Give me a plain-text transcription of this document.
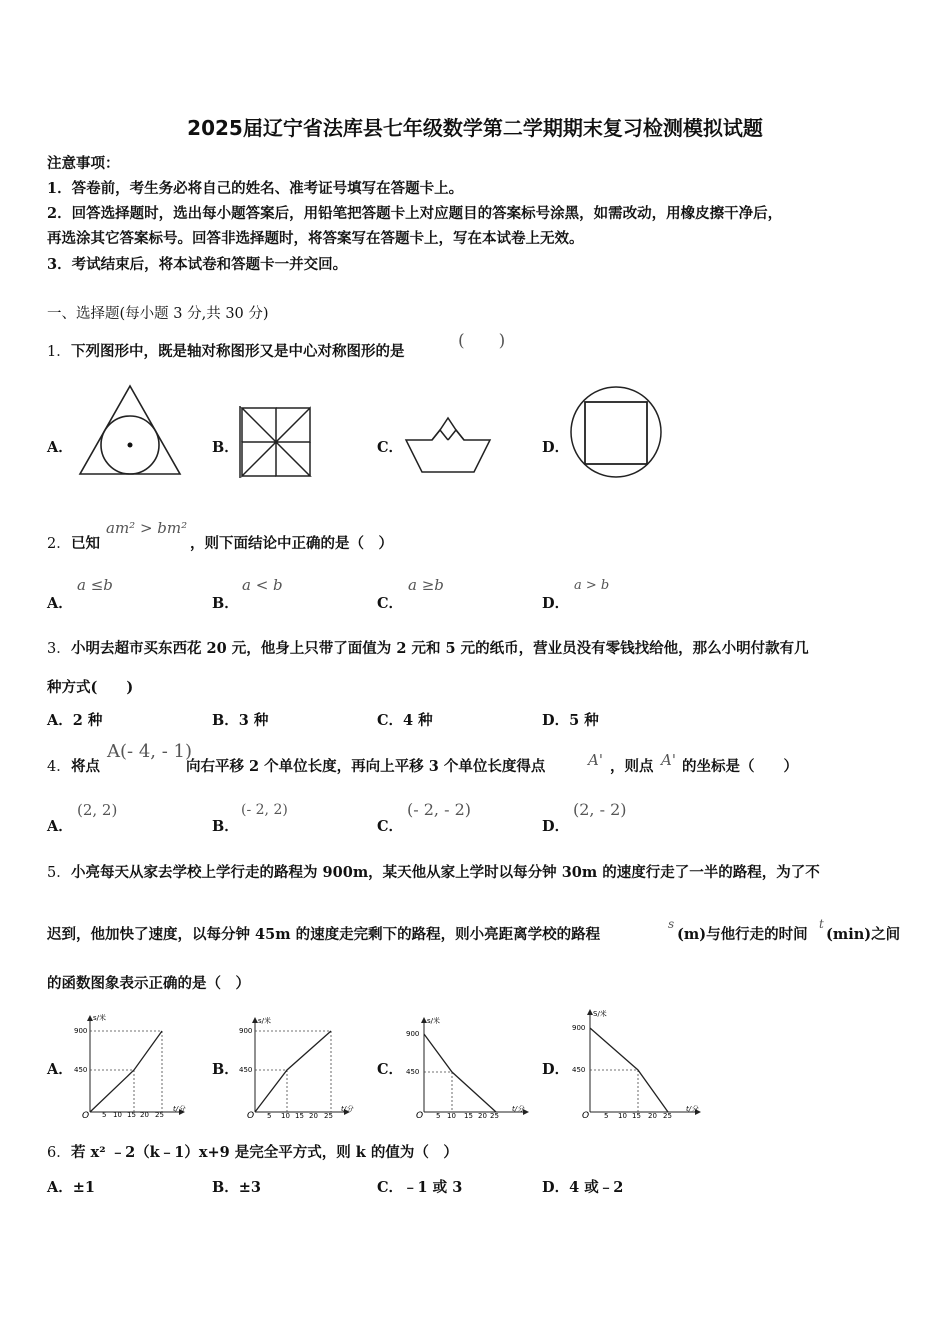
2025届辽宁省法库县七年级数学第二学期期末复习检测模拟试题
注意事项：
1．答卷前，考生务必将自己的姓名、准考证号填写在答题卡上。
2．回答选择题时，选出每小题答案后，用铅笔把答题卡上对应题目的答案标号涂黑，如需改动，用橡皮擦干净后，
再选涂其它答案标号。回答非选择题时，将答案写在答题卡上，写在本试卷上无效。
3．考试结束后，将本试卷和答题卡一并交回。
一、选择题(每小题 3 分,共 30 分)
1． 下列图形中，既是轴对称图形又是中心对称图形的是
(　　)
A．	B．	C．	D．
2． 已知
am² > bm²
，则下面结论中正确的是（　）
A．
a ≤b
B．
a < b
C．
a ≥b
D．
a > b
3． 小明去超市买东西花 20 元，他身上只带了面值为 2 元和 5 元的纸币，营业员没有零钱找给他，那么小明付款有几
种方式(　　)
A．2 种	B．3 种	C．4 种	D．5 种
4． 将点
A(- 4, - 1)
向右平移 2 个单位长度，再向上平移 3 个单位长度得点	A' ，则点 A' 的坐标是（　　）
A．
(2, 2)
B．
(- 2, 2)
C．
(- 2, - 2)
D．
(2, - 2)
5． 小亮每天从家去学校上学行走的路程为 900m，某天他从家上学时以每分钟 30m 的速度行走了一半的路程，为了不
迟到，他加快了速度，以每分钟 45m 的速度走完剩下的路程，则小亮距离学校的路程
s
(m)与他行走的时间
t
(min)之间
的函数图象表示正确的是（　）
A．	B．	C．	D．
s/米
t/分
900
450
O 5 10 15 20 25
s/米
t/分
900
450
O 5 10 15 20 25
s/米
t/分
900
450
O 5 10 15 20 25
S/米
t/分
900
450
O 5 10 15 20 25
6． 若 x² ﹣2（k﹣1）x+9 是完全平方式，则 k 的值为（　）
A．±1	B．±3	C．﹣1 或 3	D．4 或﹣2
